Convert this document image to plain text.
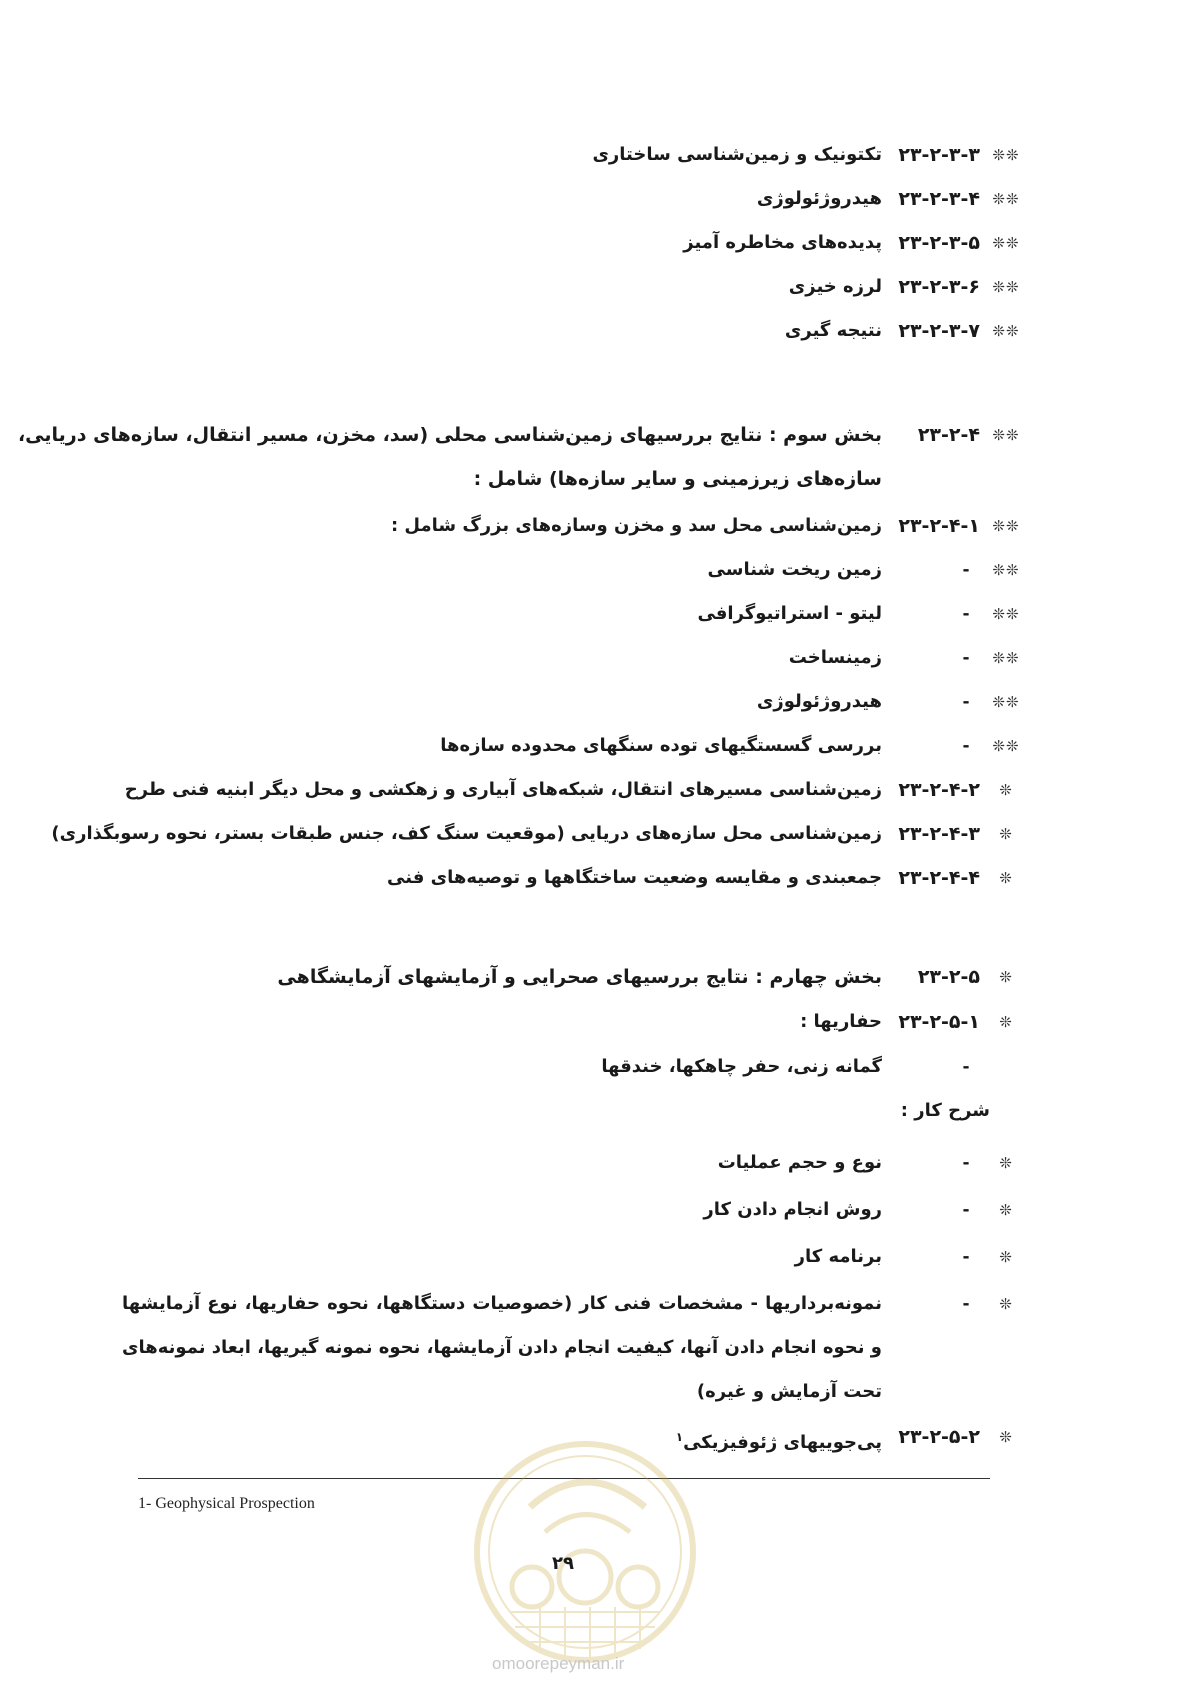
❊❊
۲۳-۲-۳-۳
تکتونیک و زمین‌شناسی ساختاری
❊❊
۲۳-۲-۳-۴
هیدروژئولوژی
❊❊
۲۳-۲-۳-۵
پدیده‌های مخاطره آمیز
❊❊
۲۳-۲-۳-۶
لرزه خیزی
❊❊
۲۳-۲-۳-۷
نتیجه گیری
❊❊
۲۳-۲-۴
بخش سوم : نتایج بررسیهای زمین‌شناسی محلی (سد، مخزن، مسیر انتقال، سازه‌های دریایی،
سازه‌های زیرزمینی و سایر سازه‌ها) شامل :
❊❊
۲۳-۲-۴-۱
زمین‌شناسی محل سد و مخزن وسازه‌های بزرگ شامل :
❊❊
-
زمین ریخت شناسی
❊❊
-
لیتو - استراتیوگرافی
❊❊
-
زمینساخت
❊❊
-
هیدروژئولوژی
❊❊
-
بررسی گسستگیهای توده سنگهای محدوده سازه‌ها
❊
۲۳-۲-۴-۲
زمین‌شناسی مسیرهای انتقال، شبکه‌های آبیاری و زهکشی و محل دیگر ابنیه فنی طرح
❊
۲۳-۲-۴-۳
زمین‌شناسی محل سازه‌های دریایی (موقعیت سنگ کف، جنس طبقات بستر، نحوه رسوبگذاری)
❊
۲۳-۲-۴-۴
جمعبندی و مقایسه وضعیت ساختگاهها و توصیه‌های فنی
❊
۲۳-۲-۵
بخش چهارم : نتایج بررسیهای صحرایی و آزمایشهای آزمایشگاهی
❊
۲۳-۲-۵-۱
حفاریها :
-
گمانه زنی، حفر چاهکها، خندقها
شرح کار :
❊
-
نوع و حجم عملیات
❊
-
روش انجام دادن کار
❊
-
برنامه کار
❊
-
نمونه‌برداریها - مشخصات فنی کار (خصوصیات دستگاهها، نحوه حفاریها، نوع آزمایشها و نحوه انجام دادن آنها، کیفیت انجام دادن آزمایشها، نحوه نمونه گیریها، ابعاد نمونه‌های تحت آزمایش و غیره)
❊
۲۳-۲-۵-۲
پی‌جوییهای ژئوفیزیکی$^۱$
1- Geophysical Prospection
۲۹
omoorepeyman.ir
